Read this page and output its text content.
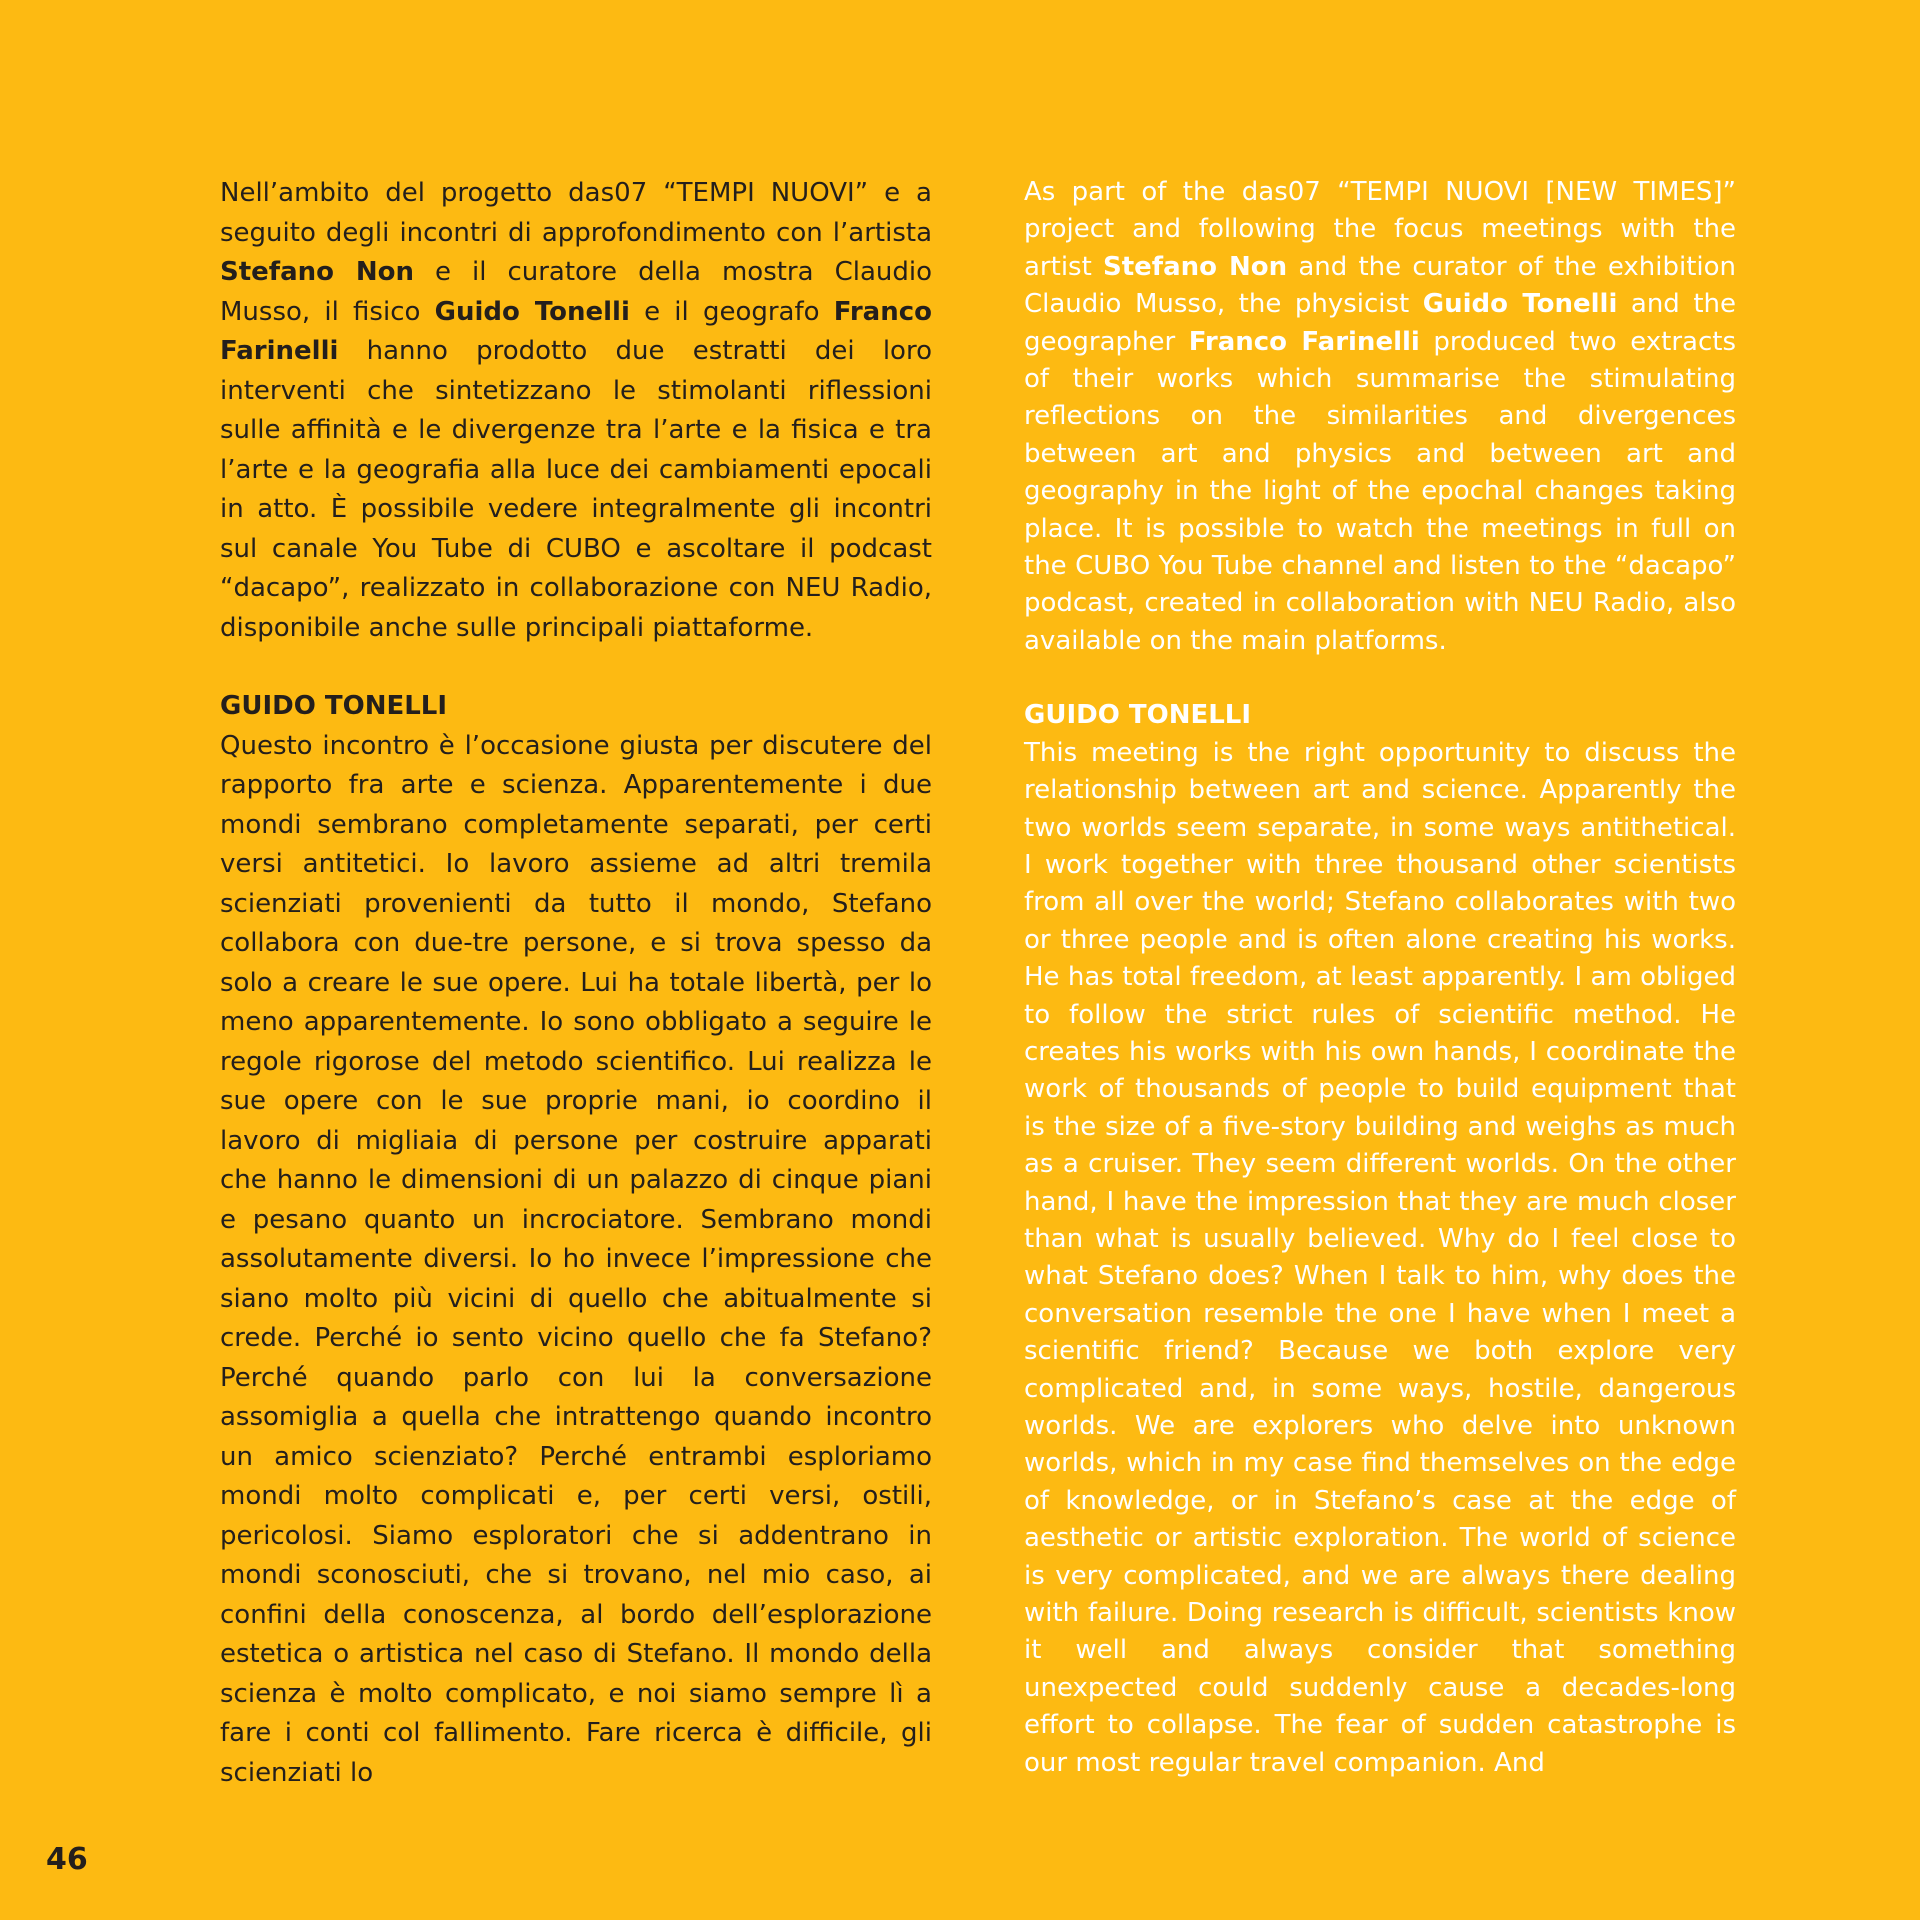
Nell’ambito del progetto das07 “TEMPI NUOVI” e a seguito degli incontri di approfondimento con l’artista Stefano Non e il curatore della mostra Claudio Musso, il fisico Guido Tonelli e il geografo Franco Farinelli hanno prodotto due estratti dei loro interventi che sintetizzano le stimolanti riflessioni sulle affinità e le divergenze tra l’arte e la fisica e tra l’arte e la geografia alla luce dei cambiamenti epocali in atto. È possibile vedere integralmente gli incontri sul canale You Tube di CUBO e ascoltare il podcast “dacapo”, realizzato in collaborazione con NEU Radio, disponibile anche sulle principali piattaforme.

GUIDO TONELLI

Questo incontro è l’occasione giusta per discutere del rapporto fra arte e scienza. Apparentemente i due mondi sembrano completamente separati, per certi versi antitetici. Io lavoro assieme ad altri tremila scienziati provenienti da tutto il mondo, Stefano collabora con due-tre persone, e si trova spesso da solo a creare le sue opere. Lui ha totale libertà, per lo meno apparentemente. Io sono obbligato a seguire le regole rigorose del metodo scientifico. Lui realizza le sue opere con le sue proprie mani, io coordino il lavoro di migliaia di persone per costruire apparati che hanno le dimensioni di un palazzo di cinque piani e pesano quanto un incrociatore. Sembrano mondi assolutamente diversi. Io ho invece l’impressione che siano molto più vicini di quello che abitualmente si crede. Perché io sento vicino quello che fa Stefano? Perché quando parlo con lui la conversazione assomiglia a quella che intrattengo quando incontro un amico scienziato? Perché entrambi esploriamo mondi molto complicati e, per certi versi, ostili, pericolosi. Siamo esploratori che si addentrano in mondi sconosciuti, che si trovano, nel mio caso, ai confini della conoscenza, al bordo dell’esplorazione estetica o artistica nel caso di Stefano. Il mondo della scienza è molto complicato, e noi siamo sempre lì a fare i conti col fallimento. Fare ricerca è difficile, gli scienziati lo

As part of the das07 “TEMPI NUOVI [NEW TIMES]” project and following the focus meetings with the artist Stefano Non and the curator of the exhibition Claudio Musso, the physicist Guido Tonelli and the geographer Franco Farinelli produced two extracts of their works which summarise the stimulating reflections on the similarities and divergences between art and physics and between art and geography in the light of the epochal changes taking place. It is possible to watch the meetings in full on the CUBO You Tube channel and listen to the “dacapo” podcast, created in collaboration with NEU Radio, also available on the main platforms.

GUIDO TONELLI

This meeting is the right opportunity to discuss the relationship between art and science. Apparently the two worlds seem separate, in some ways antithetical. I work together with three thousand other scientists from all over the world; Stefano collaborates with two or three people and is often alone creating his works. He has total freedom, at least apparently. I am obliged to follow the strict rules of scientific method. He creates his works with his own hands, I coordinate the work of thousands of people to build equipment that is the size of a five-story building and weighs as much as a cruiser. They seem different worlds. On the other hand, I have the impression that they are much closer than what is usually believed. Why do I feel close to what Stefano does? When I talk to him, why does the conversation resemble the one I have when I meet a scientific friend? Because we both explore very complicated and, in some ways, hostile, dangerous worlds. We are explorers who delve into unknown worlds, which in my case find themselves on the edge of knowledge, or in Stefano’s case at the edge of aesthetic or artistic exploration. The world of science is very complicated, and we are always there dealing with failure. Doing research is difficult, scientists know it well and always consider that something unexpected could suddenly cause a decades-long effort to collapse. The fear of sudden catastrophe is our most regular travel companion. And

46
